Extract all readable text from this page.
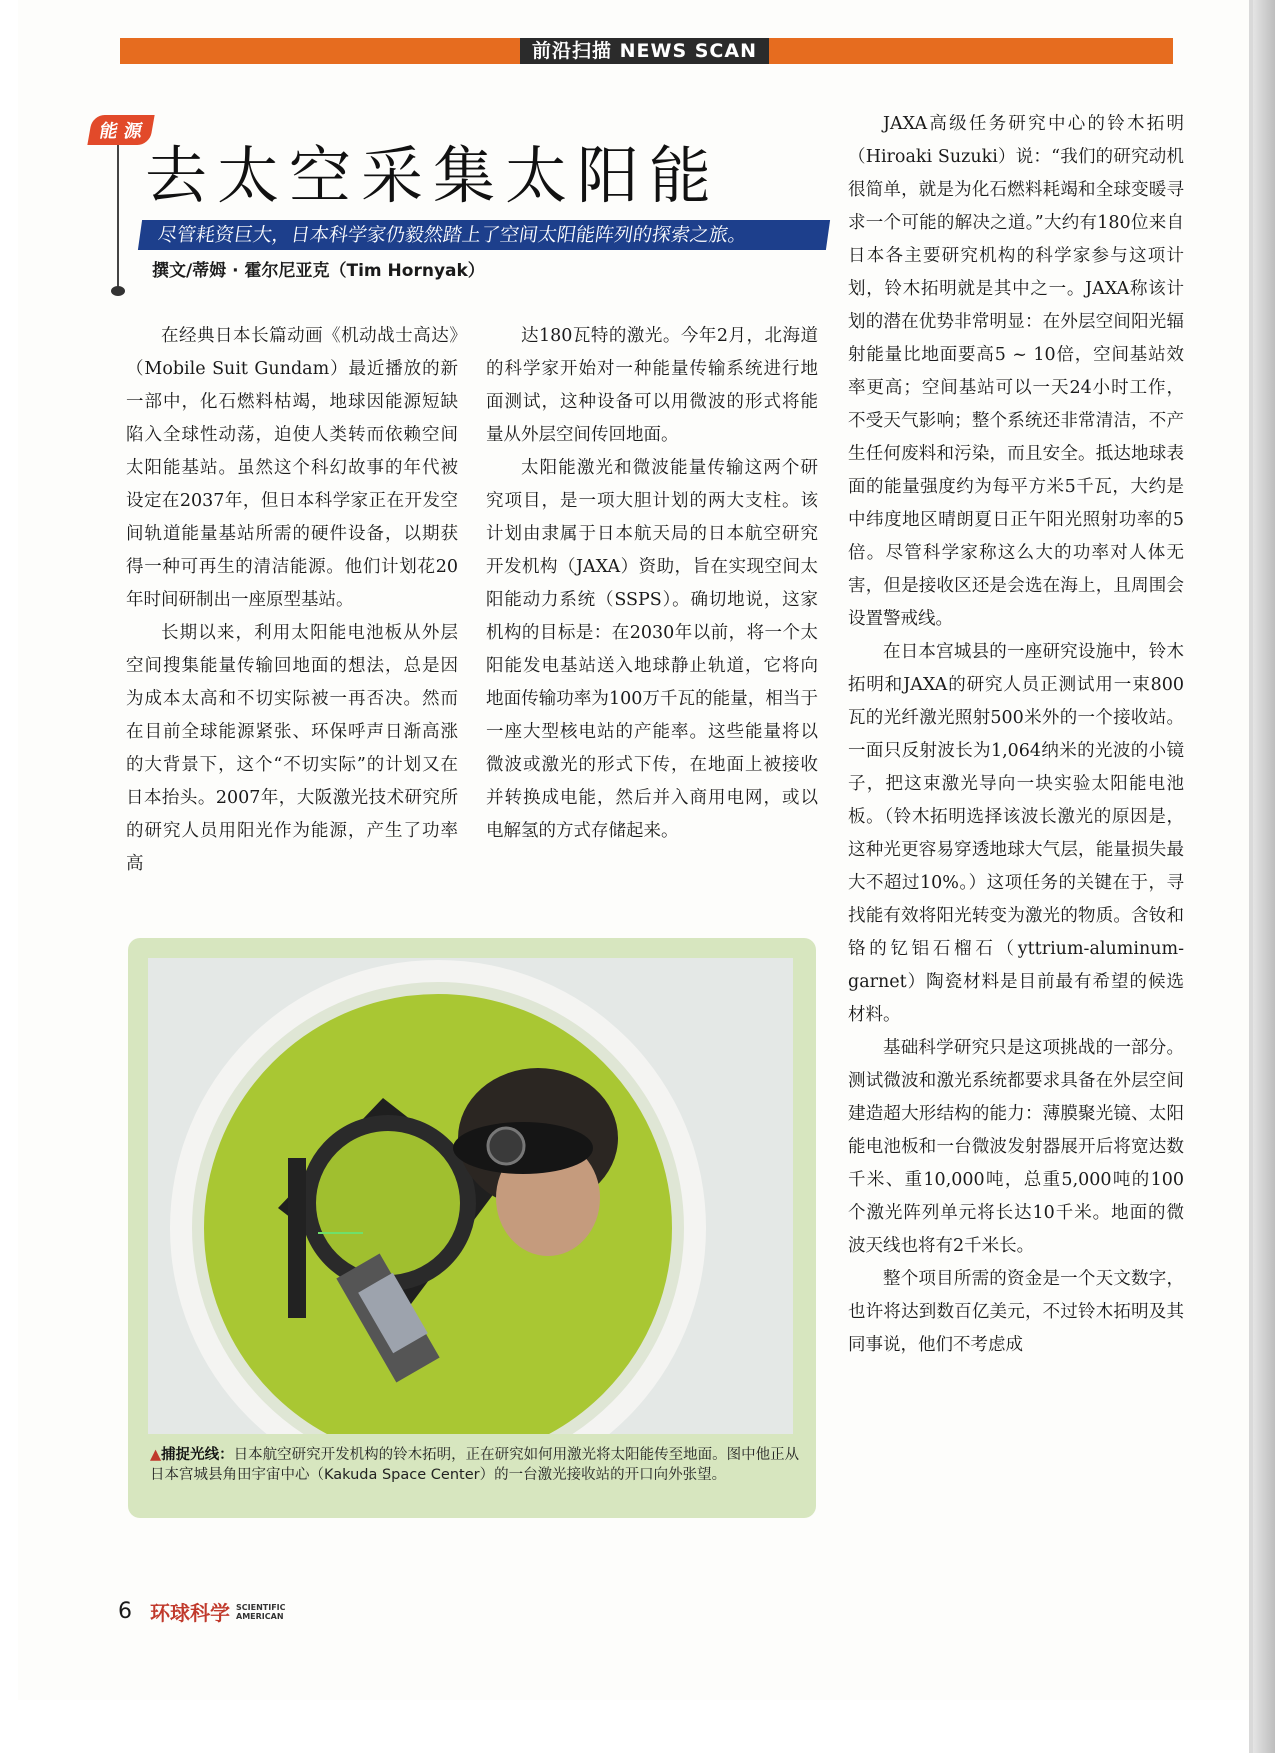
前沿扫描 NEWS SCAN
能 源
去太空采集太阳能
尽管耗资巨大，日本科学家仍毅然踏上了空间太阳能阵列的探索之旅。
撰文/蒂姆 · 霍尔尼亚克（Tim Hornyak）

在经典日本长篇动画《机动战士高达》（Mobile Suit Gundam）最近播放的新一部中，化石燃料枯竭，地球因能源短缺陷入全球性动荡，迫使人类转而依赖空间太阳能基站。虽然这个科幻故事的年代被设定在2037年，但日本科学家正在开发空间轨道能量基站所需的硬件设备，以期获得一种可再生的清洁能源。他们计划花20年时间研制出一座原型基站。

长期以来，利用太阳能电池板从外层空间搜集能量传输回地面的想法，总是因为成本太高和不切实际被一再否决。然而在目前全球能源紧张、环保呼声日渐高涨的大背景下，这个“不切实际”的计划又在日本抬头。2007年，大阪激光技术研究所的研究人员用阳光作为能源，产生了功率高

达180瓦特的激光。今年2月，北海道的科学家开始对一种能量传输系统进行地面测试，这种设备可以用微波的形式将能量从外层空间传回地面。

太阳能激光和微波能量传输这两个研究项目，是一项大胆计划的两大支柱。该计划由隶属于日本航天局的日本航空研究开发机构（JAXA）资助，旨在实现空间太阳能动力系统（SSPS）。确切地说，这家机构的目标是：在2030年以前，将一个太阳能发电基站送入地球静止轨道，它将向地面传输功率为100万千瓦的能量，相当于一座大型核电站的产能率。这些能量将以微波或激光的形式下传，在地面上被接收并转换成电能，然后并入商用电网，或以电解氢的方式存储起来。

JAXA高级任务研究中心的铃木拓明（Hiroaki Suzuki）说：“我们的研究动机很简单，就是为化石燃料耗竭和全球变暖寻求一个可能的解决之道。”大约有180位来自日本各主要研究机构的科学家参与这项计划，铃木拓明就是其中之一。JAXA称该计划的潜在优势非常明显：在外层空间阳光辐射能量比地面要高5 ~ 10倍，空间基站效率更高；空间基站可以一天24小时工作，不受天气影响；整个系统还非常清洁，不产生任何废料和污染，而且安全。抵达地球表面的能量强度约为每平方米5千瓦，大约是中纬度地区晴朗夏日正午阳光照射功率的5倍。尽管科学家称这么大的功率对人体无害，但是接收区还是会选在海上，且周围会设置警戒线。

在日本宫城县的一座研究设施中，铃木拓明和JAXA的研究人员正测试用一束800瓦的光纤激光照射500米外的一个接收站。一面只反射波长为1,064纳米的光波的小镜子，把这束激光导向一块实验太阳能电池板。（铃木拓明选择该波长激光的原因是，这种光更容易穿透地球大气层，能量损失最大不超过10%。）这项任务的关键在于，寻找能有效将阳光转变为激光的物质。含钕和铬的钇铝石榴石（yttrium-aluminum-garnet）陶瓷材料是目前最有希望的候选材料。

基础科学研究只是这项挑战的一部分。测试微波和激光系统都要求具备在外层空间建造超大形结构的能力：薄膜聚光镜、太阳能电池板和一台微波发射器展开后将宽达数千米、重10,000吨，总重5,000吨的100个激光阵列单元将长达10千米。地面的微波天线也将有2千米长。

整个项目所需的资金是一个天文数字，也许将达到数百亿美元，不过铃木拓明及其同事说，他们不考虑成

▲捕捉光线：日本航空研究开发机构的铃木拓明，正在研究如何用激光将太阳能传至地面。图中他正从日本宫城县角田宇宙中心（Kakuda Space Center）的一台激光接收站的开口向外张望。
6 环球科学 SCIENTIFIC
AMERICAN
